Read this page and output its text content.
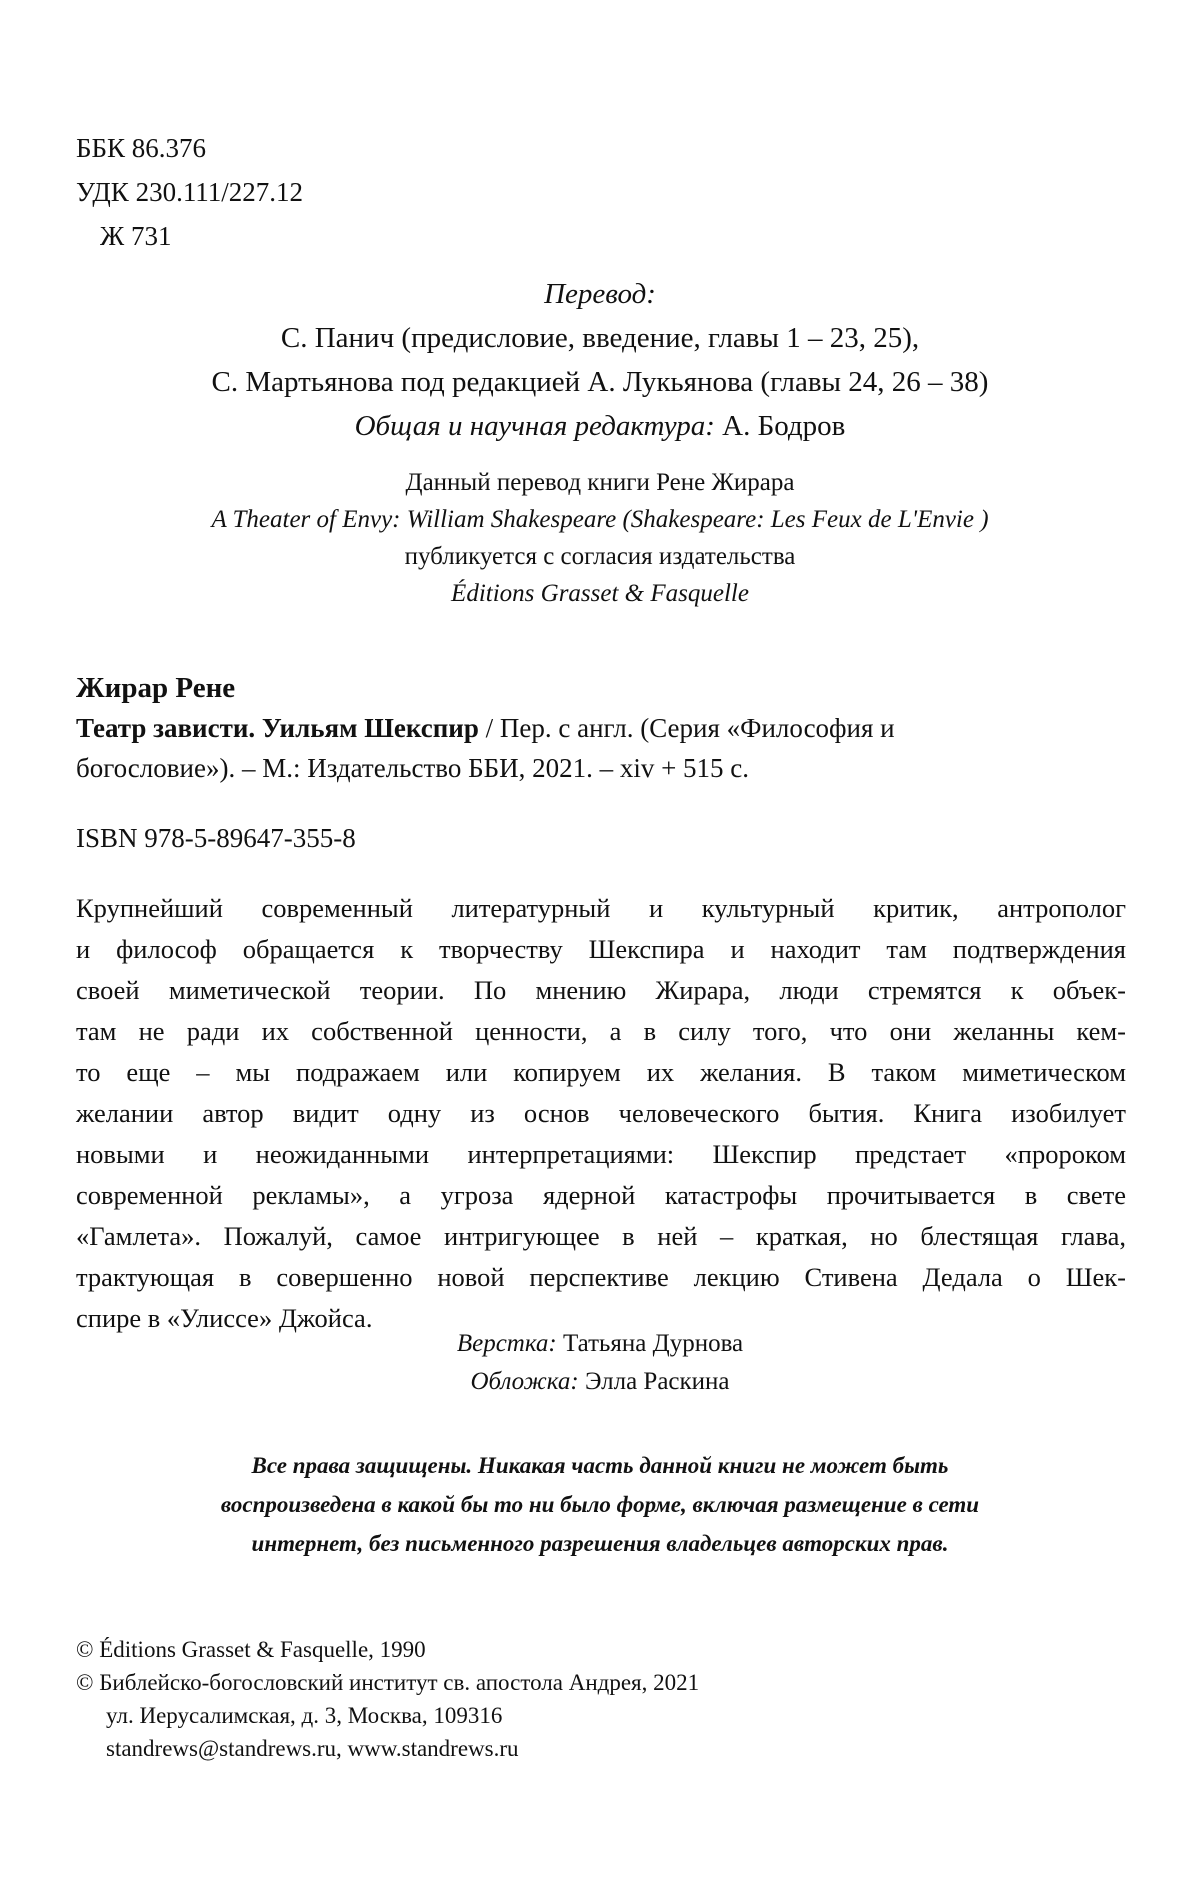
ББК 86.376
УДК 230.111/227.12
Ж 731
Перевод:
С. Панич (предисловие, введение, главы 1 – 23, 25),
С. Мартьянова под редакцией А. Лукьянова (главы 24, 26 – 38)
Общая и научная редактура: А. Бодров
Данный перевод книги Рене Жирара
A Theater of Envy: William Shakespeare (Shakespeare: Les Feux de L'Envie )
публикуется с согласия издательства
Éditions Grasset & Fasquelle
Жирар Рене
Театр зависти. Уильям Шекспир / Пер. с англ. (Серия «Философия и
богословие»). – М.: Издательство ББИ, 2021. – xiv + 515 с.
ISBN 978-5-89647-355-8
Крупнейший современный литературный и культурный критик, антрополог
и философ обращается к творчеству Шекспира и находит там подтверждения
своей миметической теории. По мнению Жирара, люди стремятся к объек-
там не ради их собственной ценности, а в силу того, что они желанны кем-
то еще – мы подражаем или копируем их желания. В таком миметическом
желании автор видит одну из основ человеческого бытия. Книга изобилует
новыми и неожиданными интерпретациями: Шекспир предстает «пророком
современной рекламы», а угроза ядерной катастрофы прочитывается в свете
«Гамлета». Пожалуй, самое интригующее в ней – краткая, но блестящая глава,
трактующая в совершенно новой перспективе лекцию Стивена Дедала о Шек-
спире в «Улиссе» Джойса.
Верстка: Татьяна Дурнова
Обложка: Элла Раскина
Все права защищены. Никакая часть данной книги не может быть
воспроизведена в какой бы то ни было форме, включая размещение в сети
интернет, без письменного разрешения владельцев авторских прав.
© Éditions Grasset & Fasquelle, 1990
© Библейско-богословский институт св. апостола Андрея, 2021
ул. Иерусалимская, д. 3, Москва, 109316
standrews@standrews.ru, www.standrews.ru
